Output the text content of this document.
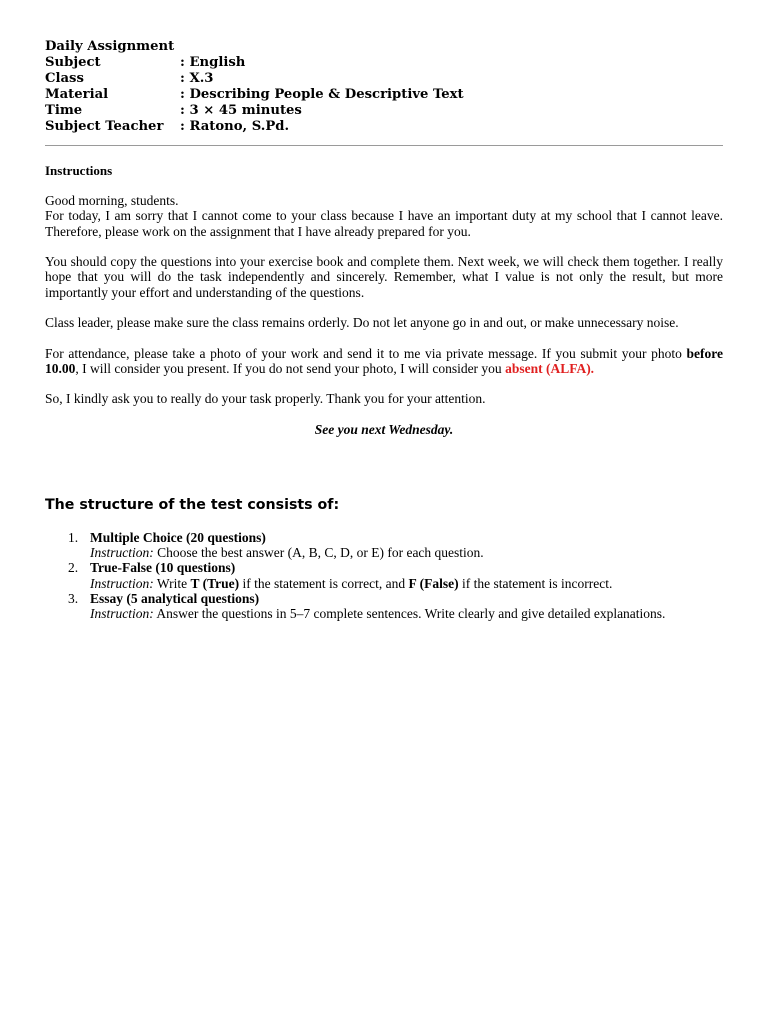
Daily Assignment
Subject	: English
Class	: X.3
Material	: Describing People & Descriptive Text
Time	: 3 × 45 minutes
Subject Teacher	: Ratono, S.Pd.
Instructions

Good morning, students.
For today, I am sorry that I cannot come to your class because I have an important duty at my school that I cannot leave. Therefore, please work on the assignment that I have already prepared for you.

You should copy the questions into your exercise book and complete them. Next week, we will check them together. I really hope that you will do the task independently and sincerely. Remember, what I value is not only the result, but more importantly your effort and understanding of the questions.

Class leader, please make sure the class remains orderly. Do not let anyone go in and out, or make unnecessary noise.

For attendance, please take a photo of your work and send it to me via private message. If you submit your photo before 10.00, I will consider you present. If you do not send your photo, I will consider you absent (ALFA).

So, I kindly ask you to really do your task properly. Thank you for your attention.

See you next Wednesday.

The structure of the test consists of:
1. Multiple Choice (20 questions)
Instruction: Choose the best answer (A, B, C, D, or E) for each question.
2. True-False (10 questions)
Instruction: Write T (True) if the statement is correct, and F (False) if the statement is incorrect.
3. Essay (5 analytical questions)
Instruction: Answer the questions in 5–7 complete sentences. Write clearly and give detailed explanations.
